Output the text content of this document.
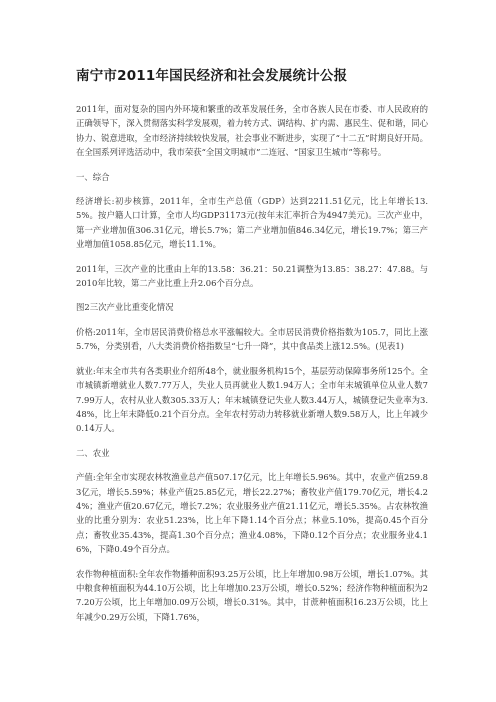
南宁市2011年国民经济和社会发展统计公报

2011年，面对复杂的国内外环境和繁重的改革发展任务，全市各族人民在市委、市人民政府的正确领导下，深入贯彻落实科学发展观，着力转方式、调结构、扩内需、惠民生、促和谐，同心协力、锐意进取，全市经济持续较快发展，社会事业不断进步，实现了“十二五”时期良好开局。在全国系列评选活动中，我市荣获“全国文明城市”二连冠、“国家卫生城市”等称号。

一、综合

经济增长:初步核算，2011年，全市生产总值（GDP）达到2211.51亿元，比上年增长13.5%。按户籍人口计算，全市人均GDP31173元(按年末汇率折合为4947美元)。三次产业中，第一产业增加值306.31亿元，增长5.7%；第二产业增加值846.34亿元，增长19.7%；第三产业增加值1058.85亿元，增长11.1%。

2011年，三次产业的比重由上年的13.58：36.21：50.21调整为13.85：38.27：47.88。与2010年比较，第二产业比重上升2.06个百分点。

图2三次产业比重变化情况

价格:2011年，全市居民消费价格总水平涨幅较大。全市居民消费价格指数为105.7，同比上涨5.7%，分类别看，八大类消费价格指数呈“七升一降”，其中食品类上涨12.5%。(见表1)

就业:年末全市共有各类职业介绍所48个，就业服务机构15个，基层劳动保障事务所125个。全市城镇新增就业人数7.77万人，失业人员再就业人数1.94万人；全市年末城镇单位从业人数77.99万人，农村从业人数305.33万人；年末城镇登记失业人数3.44万人，城镇登记失业率为3.48%，比上年末降低0.21个百分点。全年农村劳动力转移就业新增人数9.58万人，比上年减少0.14万人。

二、农业

产值:全年全市实现农林牧渔业总产值507.17亿元，比上年增长5.96%。其中，农业产值259.83亿元，增长5.59%；林业产值25.85亿元，增长22.27%；畜牧业产值179.70亿元，增长4.24%；渔业产值20.67亿元，增长7.2%；农业服务业产值21.11亿元，增长5.35%。占农林牧渔业的比重分别为：农业51.23%，比上年下降1.14个百分点；林业5.10%，提高0.45个百分点；畜牧业35.43%，提高1.30个百分点；渔业4.08%，下降0.12个百分点；农业服务业4.16%，下降0.49个百分点。

农作物种植面积:全年农作物播种面积93.25万公顷，比上年增加0.98万公顷，增长1.07%。其中粮食种植面积为44.10万公顷，比上年增加0.23万公顷，增长0.52%；经济作物种植面积为27.20万公顷，比上年增加0.09万公顷，增长0.31%。其中，甘蔗种植面积16.23万公顷，比上年减少0.29万公顷，下降1.76%，
